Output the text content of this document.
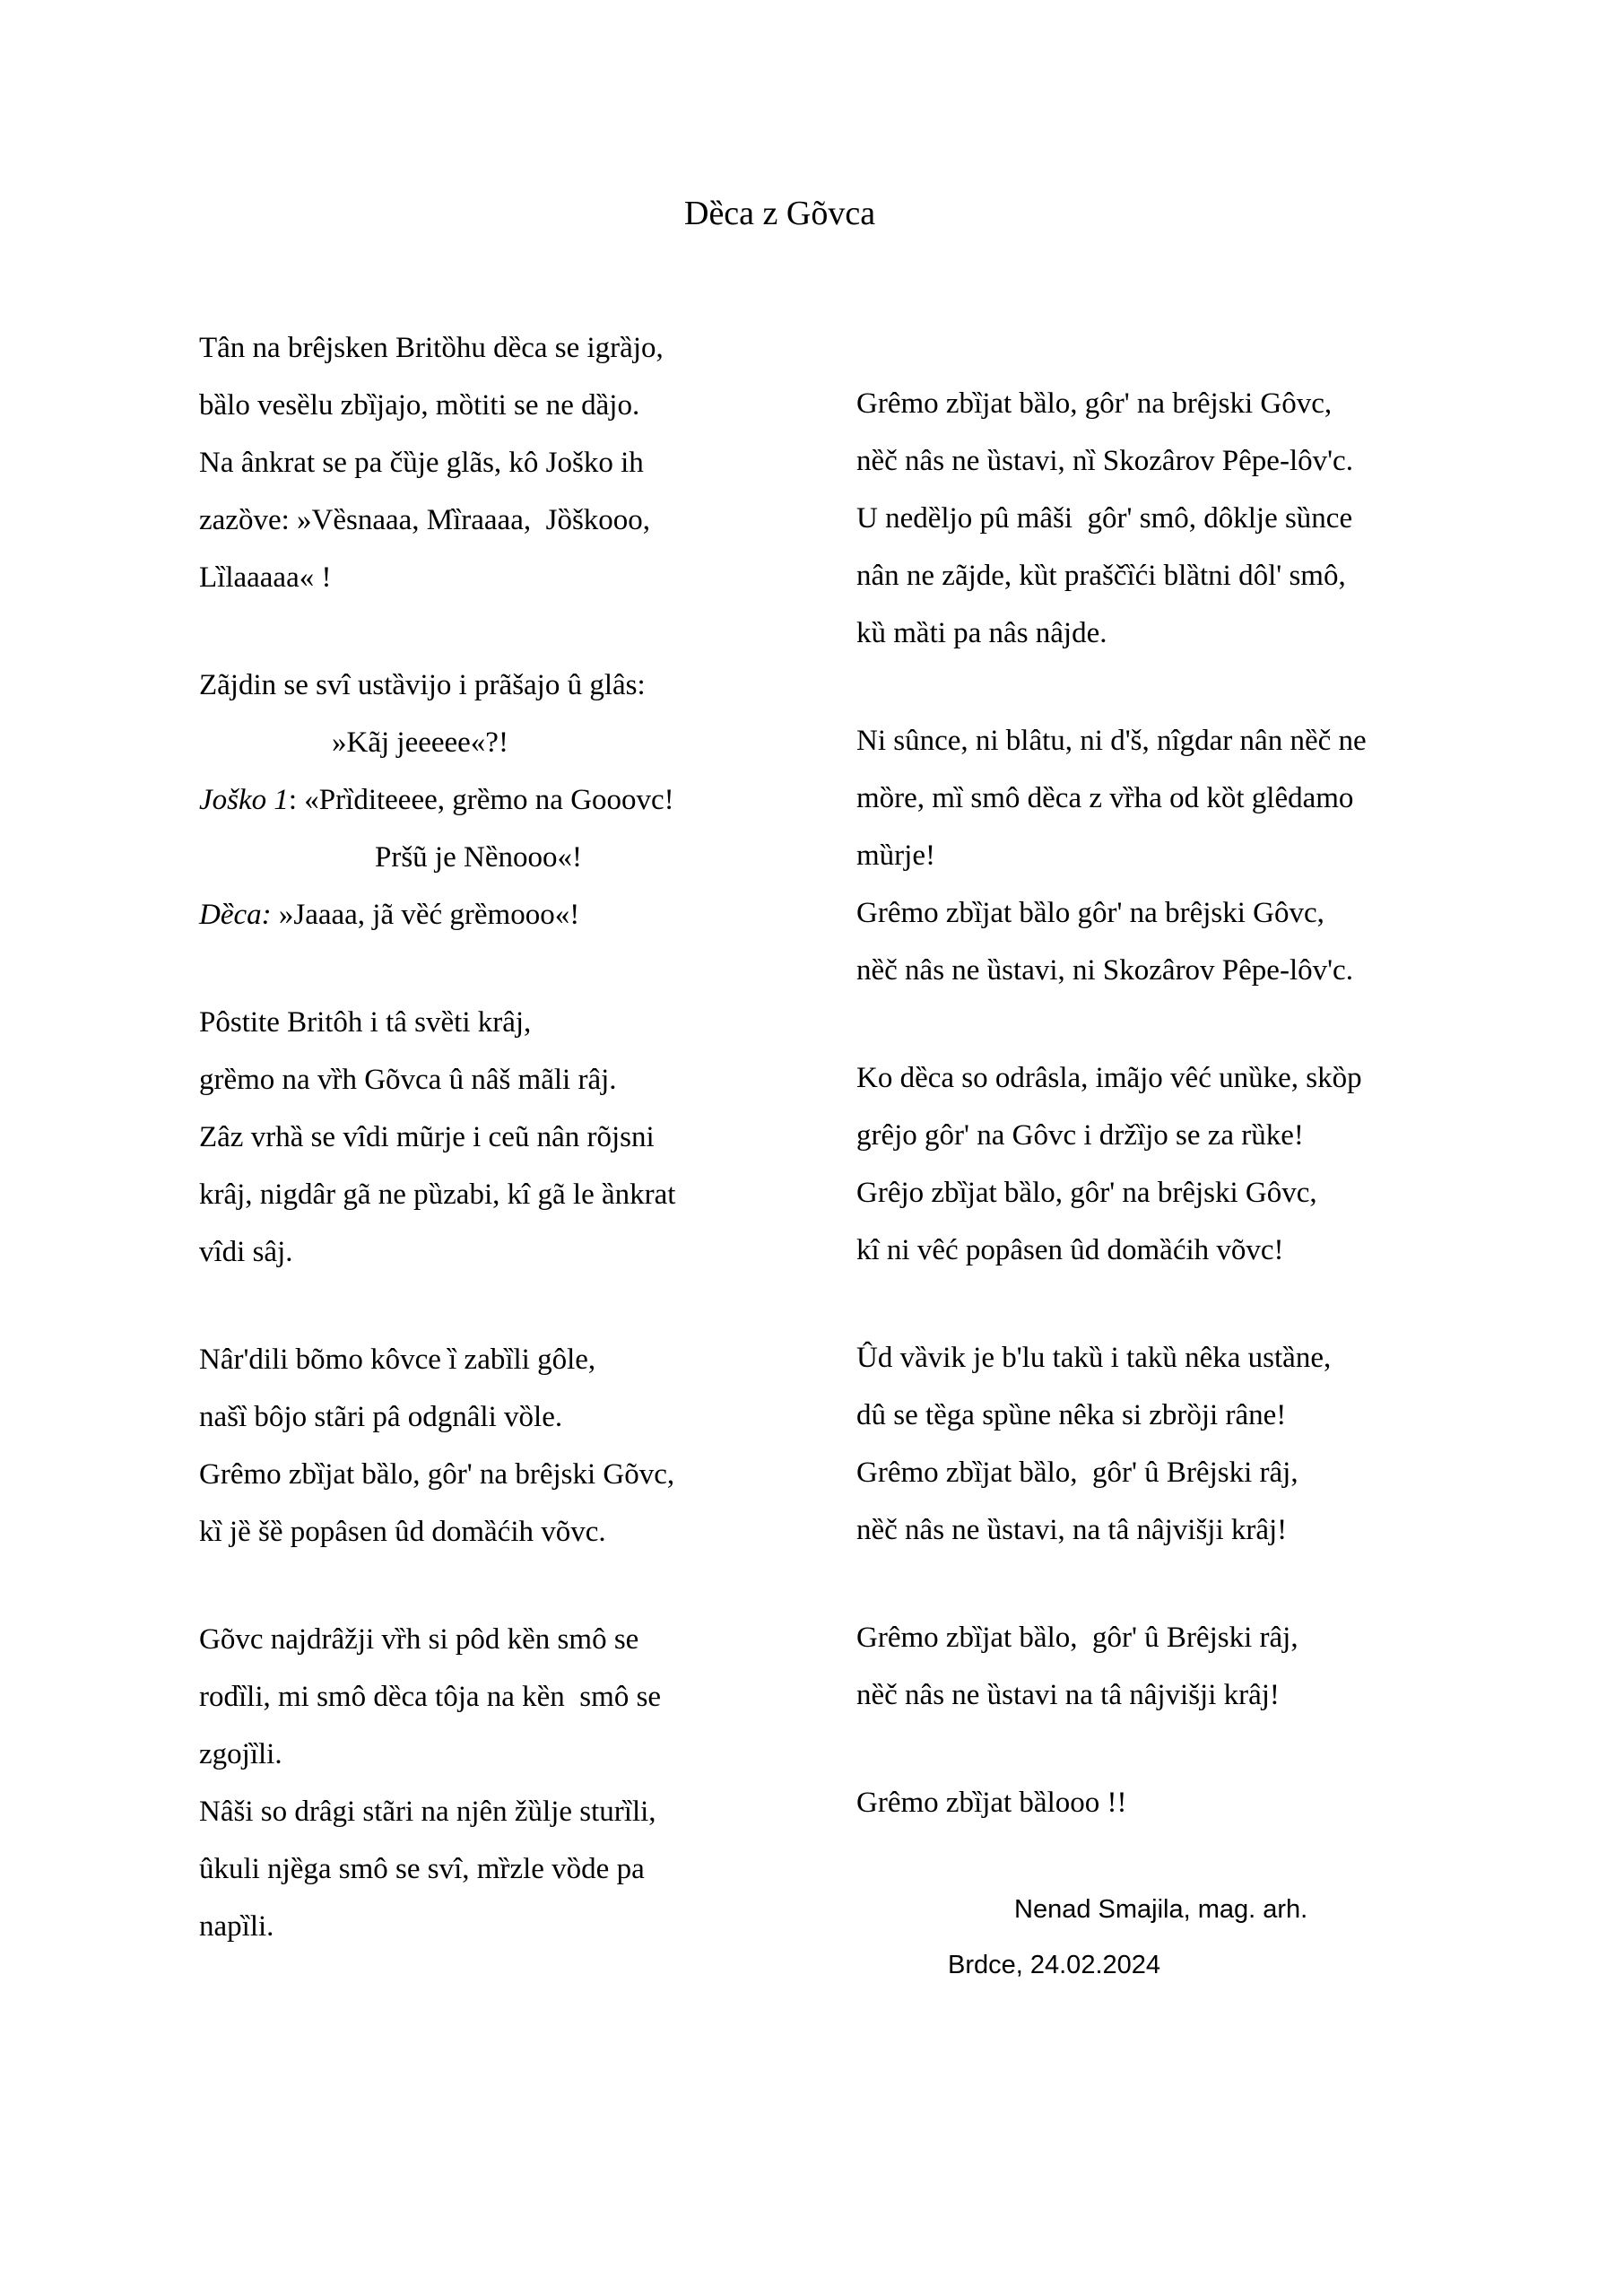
Dȅca z Gõvca

Tân na brêjsken Britȍhu dȅca se igrȁjo,

bȁlo vesȅlu zbȉjajo, mȍtiti se ne dȁjo.

Na ânkrat se pa čȕje glãs, kô Joško ih

zazȍve: »Vȅsnaaa, Mȉraaaa,  Jȍškooo,

Lȉlaaaaa« !

Zãjdin se svî ustȁvijo i prãšajo û glâs:

»Kãj jeeeee«?!

Joško 1: «Prȉditeeee, grȅmo na Gooovc!

Pršũ je Nȅnooo«!

Dȅca: »Jaaaa, jã vȅć grȅmooo«!

Pôstite Britôh i tâ svȅti krâj,

grȅmo na vȑh Gõvca û nâš mãli râj.

Zâz vrhȁ se vîdi mũrje i ceũ nân rõjsni

krâj, nigdâr gã ne pȕzabi, kî gã le ȁnkrat

vîdi sâj.

Nâr'dili bõmo kôvce ȉ zabȉli gôle,

našȉ bôjo stãri pâ odgnâli vȍle.

Grêmo zbȉjat bȁlo, gôr' na brêjski Gõvc,

kȉ jȅ šȅ popâsen ûd domȁćih võvc.

Gõvc najdrâžji vȑh si pôd kȅn smô se

rodȉli, mi smô dȅca tôja na kȅn  smô se

zgojȉli.

Nâši so drâgi stãri na njên žȕlje sturȉli,

ûkuli njȅga smô se svî, mȑzle vȍde pa

napȉli.

Grêmo zbȉjat bȁlo, gôr' na brêjski Gôvc,

nȅč nâs ne ȕstavi, nȉ Skozârov Pêpe-lôv'c.

U nedȅljo pû mâši  gôr' smô, dôklje sȕnce

nân ne zãjde, kȕt praščȉći blȁtni dôl' smô,

kȕ mȁti pa nâs nâjde.

Ni sûnce, ni blâtu, ni d'š, nîgdar nân nȅč ne

mȍre, mȉ smô dȅca z vȑha od kȍt glêdamo

mȕrje!

Grêmo zbȉjat bȁlo gôr' na brêjski Gôvc,

nȅč nâs ne ȕstavi, ni Skozârov Pêpe-lôv'c.

Ko dȅca so odrâsla, imãjo vêć unȕke, skȍp

grêjo gôr' na Gôvc i držȉjo se za rȕke!

Grêjo zbȉjat bȁlo, gôr' na brêjski Gôvc,

kî ni vêć popâsen ûd domȁćih võvc!

Ûd vȁvik je b'lu takȕ i takȕ nêka ustȁne,

dû se tȅga spȕne nêka si zbrȍji râne!

Grêmo zbȉjat bȁlo,  gôr' û Brêjski râj,

nȅč nâs ne ȕstavi, na tâ nâjvišji krâj!

Grêmo zbȉjat bȁlo,  gôr' û Brêjski râj,

nȅč nâs ne ȕstavi na tâ nâjvišji krâj!

Grêmo zbȉjat bȁlooo !!

Nenad Smajila, mag. arh.

Brdce, 24.02.2024
